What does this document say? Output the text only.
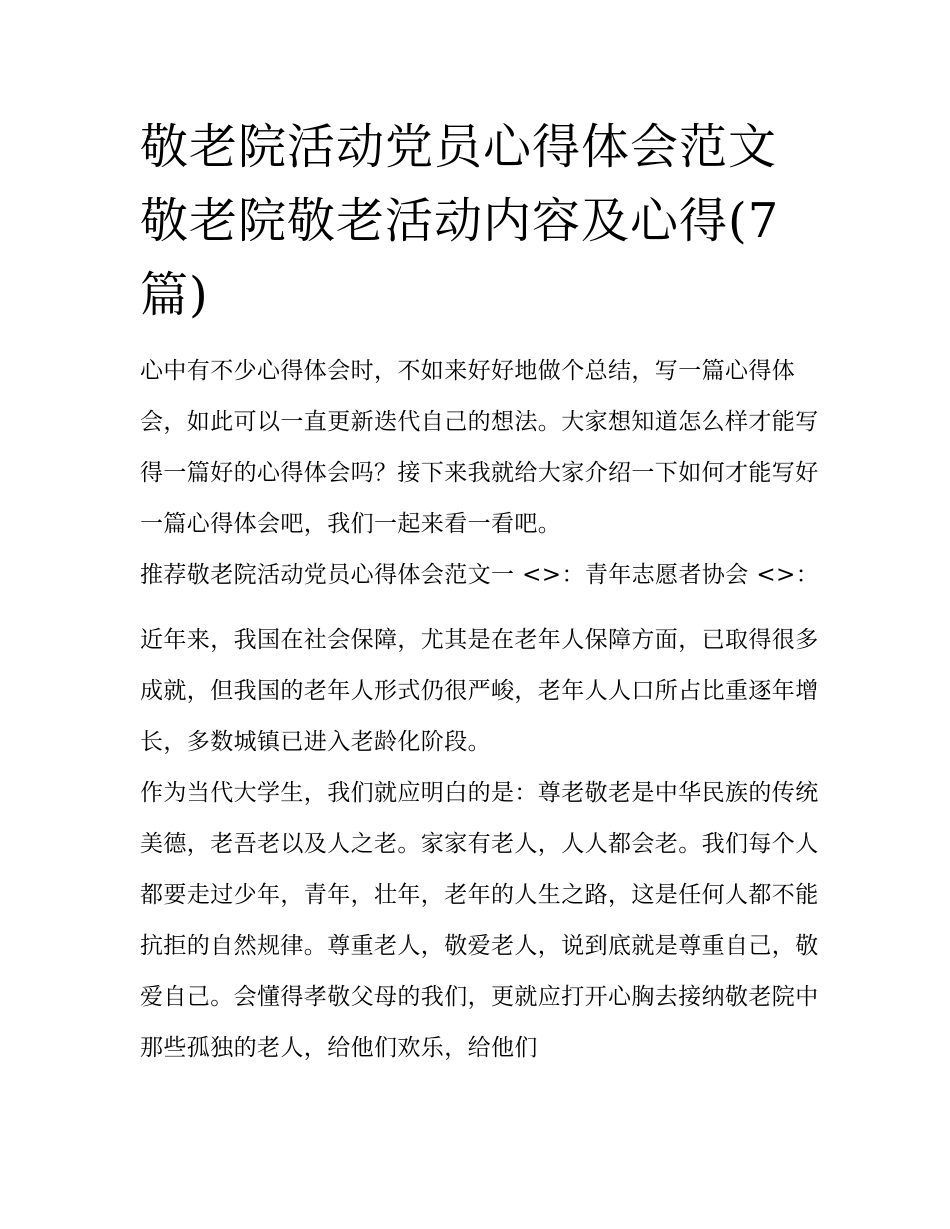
敬老院活动党员心得体会范文敬老院敬老活动内容及心得(7篇)

心中有不少心得体会时，不如来好好地做个总结，写一篇心得体会，如此可以一直更新迭代自己的想法。大家想知道怎么样才能写得一篇好的心得体会吗？接下来我就给大家介绍一下如何才能写好一篇心得体会吧，我们一起来看一看吧。

推荐敬老院活动党员心得体会范文一 <>：青年志愿者协会 <>：

近年来，我国在社会保障，尤其是在老年人保障方面，已取得很多成就，但我国的老年人形式仍很严峻，老年人人口所占比重逐年增长，多数城镇已进入老龄化阶段。

作为当代大学生，我们就应明白的是：尊老敬老是中华民族的传统美德，老吾老以及人之老。家家有老人，人人都会老。我们每个人都要走过少年，青年，壮年，老年的人生之路，这是任何人都不能抗拒的自然规律。尊重老人，敬爱老人，说到底就是尊重自己，敬爱自己。会懂得孝敬父母的我们，更就应打开心胸去接纳敬老院中那些孤独的老人，给他们欢乐，给他们
